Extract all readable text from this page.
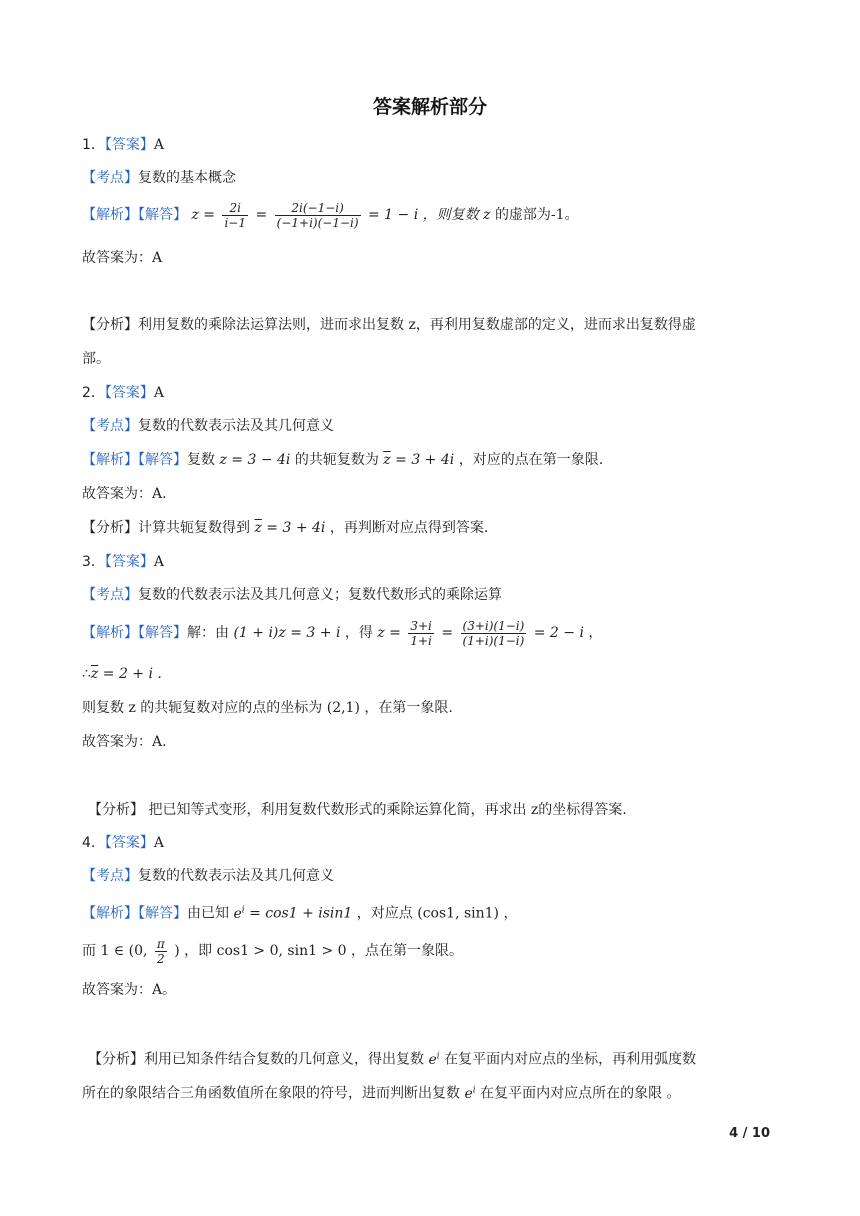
答案解析部分
1．【答案】A
【考点】复数的基本概念
【解析】【解答】 $z = \frac{2i}{i-1} = \frac{2i(-1-i)}{(-1+i)(-1-i)} = 1 - i$ ，则复数 z 的虚部为-1。
故答案为：A
【分析】利用复数的乘除法运算法则，进而求出复数 z，再利用复数虚部的定义，进而求出复数得虚
部。
2．【答案】A
【考点】复数的代数表示法及其几何意义
【解析】【解答】复数 z = 3 − 4i 的共轭复数为 $\overline{z} = 3 + 4i$ ，对应的点在第一象限.
故答案为：A.
【分析】计算共轭复数得到 $\overline{z} = 3 + 4i$ ，再判断对应点得到答案.
3．【答案】A
【考点】复数的代数表示法及其几何意义；复数代数形式的乘除运算
【解析】【解答】解：由 (1 + i)z = 3 + i ，得 $z = \frac{3+i}{1+i} = \frac{(3+i)(1-i)}{(1+i)(1-i)} = 2 - i$ ，
$\therefore\overline{z} = 2 + i$ .
则复数 z 的共轭复数对应的点的坐标为 (2,1) ，在第一象限.
故答案为：A.
【分析】 把已知等式变形，利用复数代数形式的乘除运算化简，再求出 z的坐标得答案.
4．【答案】A
【考点】复数的代数表示法及其几何意义
【解析】【解答】由已知 $e^i = \cos 1 + isin1$ ，对应点 (cos1, sin1) ，
而 1 ∈ (0, $\frac{\pi}{2}$ ) ，即 cos1 > 0, sin1 > 0 ，点在第一象限。
故答案为：A。
【分析】利用已知条件结合复数的几何意义，得出复数 $e^i$ 在复平面内对应点的坐标，再利用弧度数
所在的象限结合三角函数值所在象限的符号，进而判断出复数 $e^i$ 在复平面内对应点所在的象限 。
4 / 10
